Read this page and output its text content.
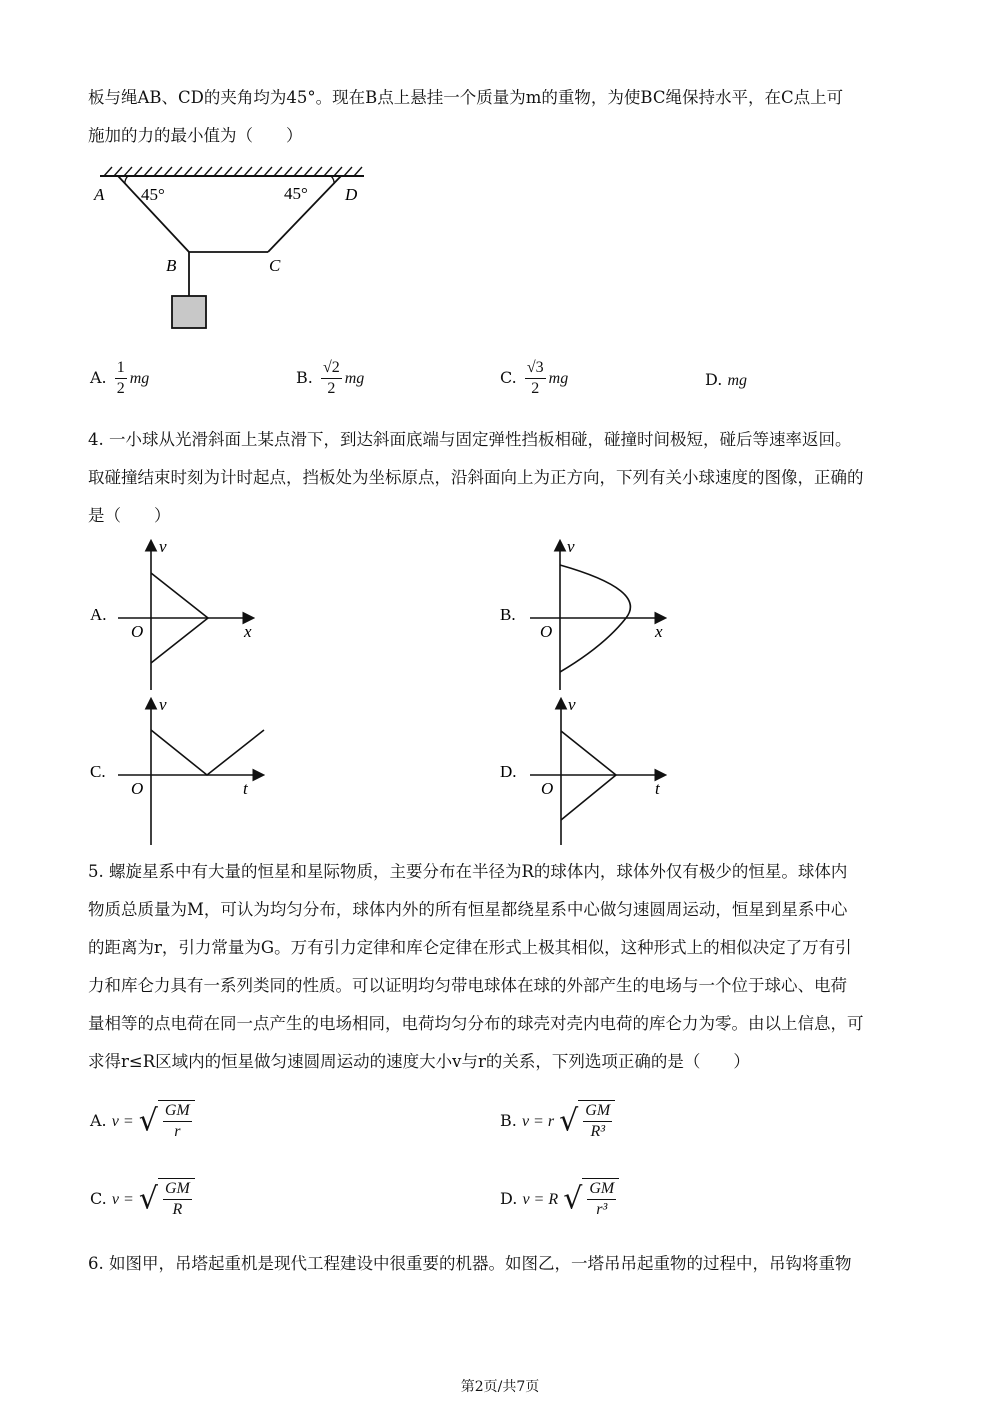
板与绳AB、CD的夹角均为45°。现在B点上悬挂一个质量为m的重物，为使BC绳保持水平，在C点上可
施加的力的最小值为（　　）
A 45°	45° D
B	C
A. $\frac{1}{2}$ mg	B. $\frac{√2}{2}$ mg	C. $\frac{√3}{2}$ mg	D. mg
4. 一小球从光滑斜面上某点滑下，到达斜面底端与固定弹性挡板相碰，碰撞时间极短，碰后等速率返回。
取碰撞结束时刻为计时起点，挡板处为坐标原点，沿斜面向上为正方向，下列有关小球速度的图像，正确的
是（　　）
A.
v
O	x
B.
v
O	x
C.
v
O	t
D.
v
O	t
5. 螺旋星系中有大量的恒星和星际物质，主要分布在半径为R的球体内，球体外仅有极少的恒星。球体内
物质总质量为M，可认为均匀分布，球体内外的所有恒星都绕星系中心做匀速圆周运动，恒星到星系中心
的距离为r，引力常量为G。万有引力定律和库仑定律在形式上极其相似，这种形式上的相似决定了万有引
力和库仑力具有一系列类同的性质。可以证明均匀带电球体在球的外部产生的电场与一个位于球心、电荷
量相等的点电荷在同一点产生的电场相同，电荷均匀分布的球壳对壳内电荷的库仑力为零。由以上信息，可
求得r≤R区域内的恒星做匀速圆周运动的速度大小v与r的关系，下列选项正确的是（　　）
A. v = √ $\frac{GM}{r}$	B. v = r √ $\frac{GM}{\text{R³}}$
C. v = √ $\frac{GM}{R}$	D. v = R √ $\frac{GM}{\text{r³}}$
6. 如图甲，吊塔起重机是现代工程建设中很重要的机器。如图乙，一塔吊吊起重物的过程中，吊钩将重物
第2页/共7页
